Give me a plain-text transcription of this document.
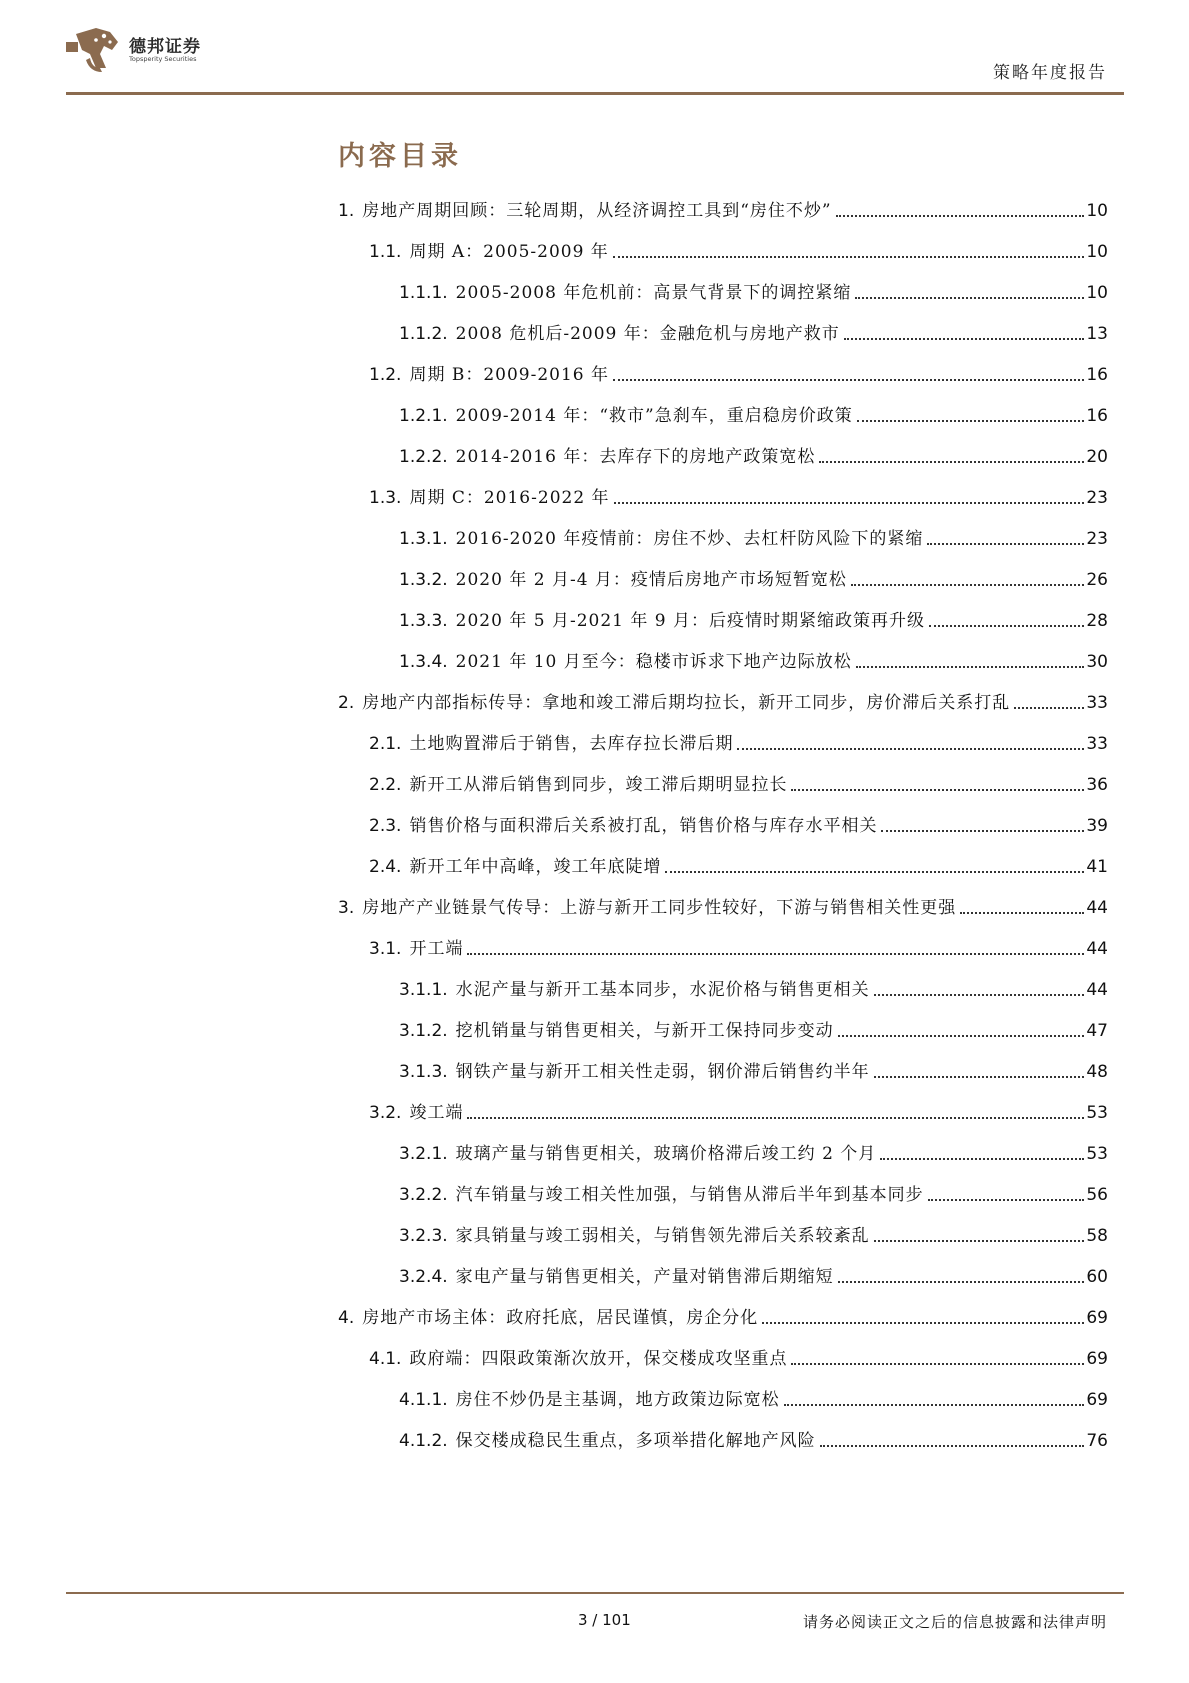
德邦证券
Topsperity Securities
策略年度报告
内容目录
1. 房地产周期回顾：三轮周期，从经济调控工具到“房住不炒”	10
1.1. 周期 A：2005-2009 年	10
1.1.1. 2005-2008 年危机前：高景气背景下的调控紧缩	10
1.1.2. 2008 危机后-2009 年：金融危机与房地产救市	13
1.2. 周期 B：2009-2016 年	16
1.2.1. 2009-2014 年：“救市”急刹车，重启稳房价政策	16
1.2.2. 2014-2016 年：去库存下的房地产政策宽松	20
1.3. 周期 C：2016-2022 年	23
1.3.1. 2016-2020 年疫情前：房住不炒、去杠杆防风险下的紧缩	23
1.3.2. 2020 年 2 月-4 月：疫情后房地产市场短暂宽松	26
1.3.3. 2020 年 5 月-2021 年 9 月：后疫情时期紧缩政策再升级	28
1.3.4. 2021 年 10 月至今：稳楼市诉求下地产边际放松	30
2. 房地产内部指标传导：拿地和竣工滞后期均拉长，新开工同步，房价滞后关系打乱	33
2.1. 土地购置滞后于销售，去库存拉长滞后期	33
2.2. 新开工从滞后销售到同步，竣工滞后期明显拉长	36
2.3. 销售价格与面积滞后关系被打乱，销售价格与库存水平相关	39
2.4. 新开工年中高峰，竣工年底陡增	41
3. 房地产产业链景气传导：上游与新开工同步性较好，下游与销售相关性更强	44
3.1. 开工端	44
3.1.1. 水泥产量与新开工基本同步，水泥价格与销售更相关	44
3.1.2. 挖机销量与销售更相关，与新开工保持同步变动	47
3.1.3. 钢铁产量与新开工相关性走弱，钢价滞后销售约半年	48
3.2. 竣工端	53
3.2.1. 玻璃产量与销售更相关，玻璃价格滞后竣工约 2 个月	53
3.2.2. 汽车销量与竣工相关性加强，与销售从滞后半年到基本同步	56
3.2.3. 家具销量与竣工弱相关，与销售领先滞后关系较紊乱	58
3.2.4. 家电产量与销售更相关，产量对销售滞后期缩短	60
4. 房地产市场主体：政府托底，居民谨慎，房企分化	69
4.1. 政府端：四限政策渐次放开，保交楼成攻坚重点	69
4.1.1. 房住不炒仍是主基调，地方政策边际宽松	69
4.1.2. 保交楼成稳民生重点，多项举措化解地产风险	76
3 / 101	请务必阅读正文之后的信息披露和法律声明
